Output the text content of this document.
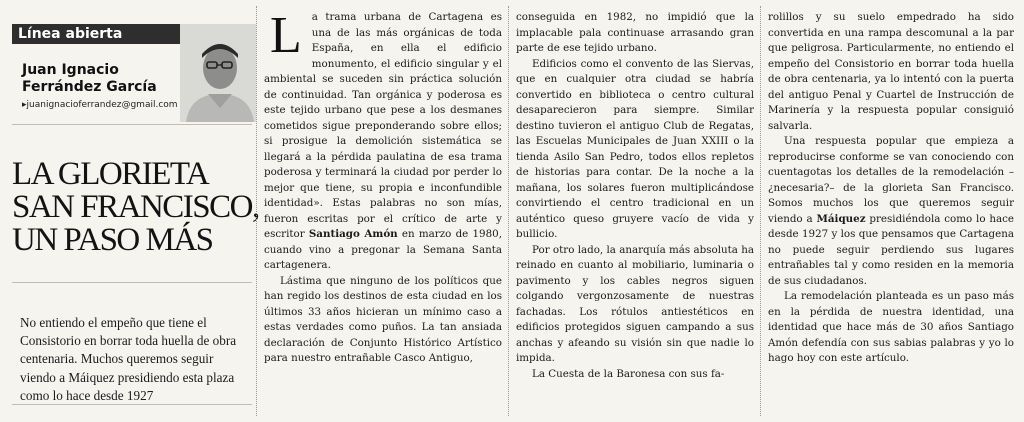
Línea abierta
Juan Ignacio
Ferrández García
▸juanignacioferrandez@gmail.com
LA GLORIETA
SAN FRANCISCO,
UN PASO MÁS
No entiendo el empeño que tiene el Consistorio en borrar toda huella de obra centenaria. Muchos queremos seguir viendo a Máiquez presidiendo esta plaza como lo hace desde 1927

La trama urbana de Cartagena es una de las más orgánicas de toda España, en ella el edificio monumento, el edificio singular y el ambiental se suceden sin práctica solución de continuidad. Tan orgánica y poderosa es este tejido urbano que pese a los desmanes cometidos sigue preponderando sobre ellos; si prosigue la demolición sistemática se llegará a la pérdida paulatina de esa trama poderosa y terminará la ciudad por perder lo mejor que tiene, su propia e inconfundible identidad». Estas palabras no son mías, fueron escritas por el crítico de arte y escritor Santiago Amón en marzo de 1980, cuando vino a pregonar la Semana Santa cartagenera.

Lástima que ninguno de los políticos que han regido los destinos de esta ciudad en los últimos 33 años hicieran un mínimo caso a estas verdades como puños. La tan ansiada declaración de Conjunto Histórico Artístico para nuestro entrañable Casco Antiguo,

conseguida en 1982, no impidió que la implacable pala continuase arrasando gran parte de ese tejido urbano.

Edificios como el convento de las Siervas, que en cualquier otra ciudad se habría convertido en biblioteca o centro cultural desaparecieron para siempre. Similar destino tuvieron el antiguo Club de Regatas, las Escuelas Municipales de Juan XXIII o la tienda Asilo San Pedro, todos ellos repletos de historias para contar. De la noche a la mañana, los solares fueron multiplicándose convirtiendo el centro tradicional en un auténtico queso gruyere vacío de vida y bullicio.

Por otro lado, la anarquía más absoluta ha reinado en cuanto al mobiliario, luminaria o pavimento y los cables negros siguen colgando vergonzosamente de nuestras fachadas. Los rótulos antiestéticos en edificios protegidos siguen campando a sus anchas y afeando su visión sin que nadie lo impida.

La Cuesta de la Baronesa con sus fa-

rolillos y su suelo empedrado ha sido convertida en una rampa descomunal a la par que peligrosa. Particularmente, no entiendo el empeño del Consistorio en borrar toda huella de obra centenaria, ya lo intentó con la puerta del antiguo Penal y Cuartel de Instrucción de Marinería y la respuesta popular consiguió salvarla.

Una respuesta popular que empieza a reproducirse conforme se van conociendo con cuentagotas los detalles de la remodelación –¿necesaria?– de la glorieta San Francisco. Somos muchos los que queremos seguir viendo a Máiquez presidiéndola como lo hace desde 1927 y los que pensamos que Cartagena no puede seguir perdiendo sus lugares entrañables tal y como residen en la memoria de sus ciudadanos.

La remodelación planteada es un paso más en la pérdida de nuestra identidad, una identidad que hace más de 30 años Santiago Amón defendía con sus sabias palabras y yo lo hago hoy con este artículo.
